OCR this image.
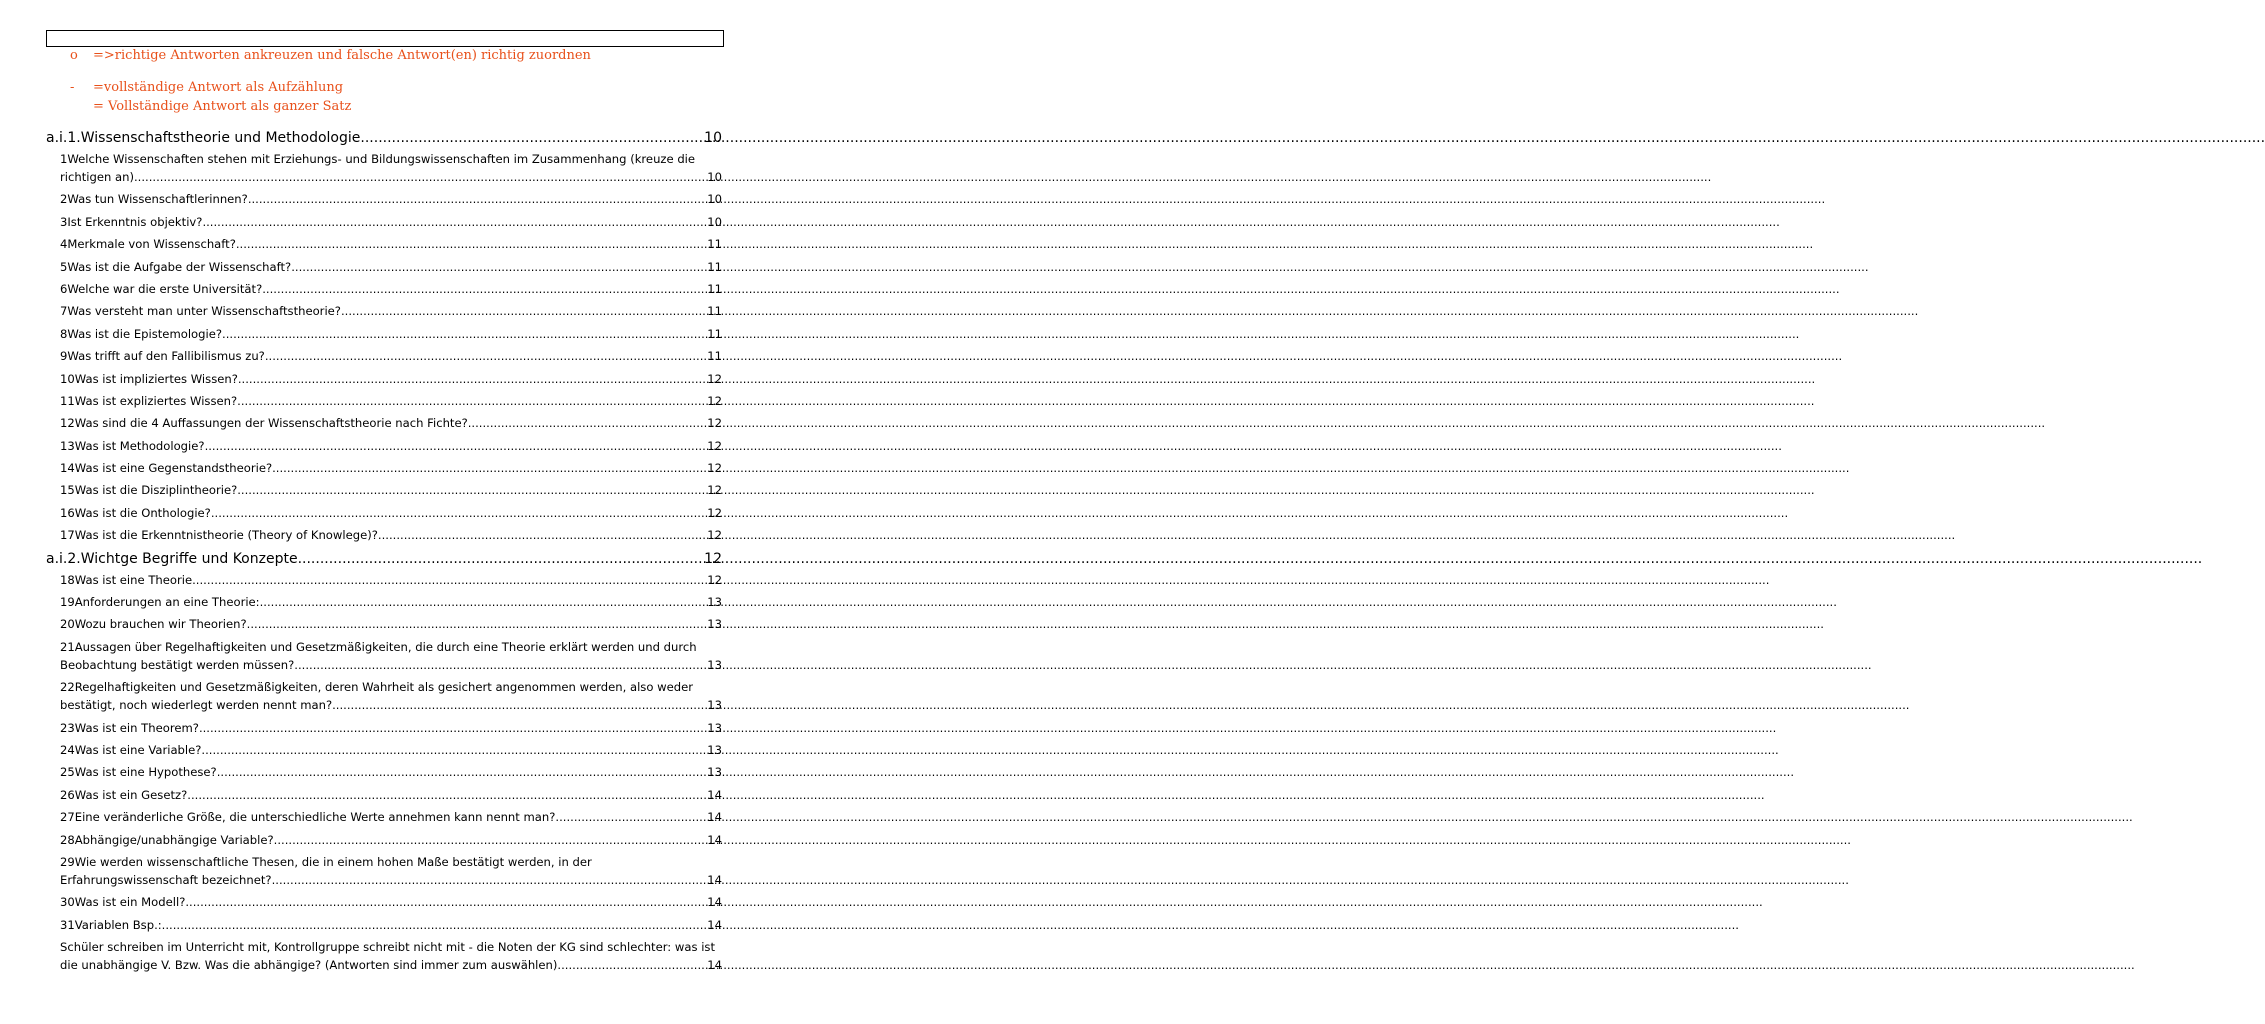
o =>richtige Antworten ankreuzen und falsche Antwort(en) richtig zuordnen
- =vollständige Antwort als Aufzählung
= Vollständige Antwort als ganzer Satz
a.i.1.Wissenschaftstheorie und Methodologie .....	10
1Welche Wissenschaften stehen mit Erziehungs- und Bildungswissenschaften im Zusammenhang (kreuze die
richtigen an) .....	10
2Was tun Wissenschaftlerinnen? .....	10
3Ist Erkenntnis objektiv? .....	10
4Merkmale von Wissenschaft? .....	11
5Was ist die Aufgabe der Wissenschaft? .....	11
6Welche war die erste Universität? .....	11
7Was versteht man unter Wissenschaftstheorie? .....	11
8Was ist die Epistemologie? .....	11
9Was trifft auf den Fallibilismus zu? .....	11
10Was ist impliziertes Wissen? .....	12
11Was ist expliziertes Wissen? .....	12
12Was sind die 4 Auffassungen der Wissenschaftstheorie nach Fichte? .....	12
13Was ist Methodologie? .....	12
14Was ist eine Gegenstandstheorie? .....	12
15Was ist die Disziplintheorie? .....	12
16Was ist die Onthologie? .....	12
17Was ist die Erkenntnistheorie (Theory of Knowlege)? .....	12
a.i.2.Wichtge Begriffe und Konzepte .....	12
18Was ist eine Theorie .....	12
19Anforderungen an eine Theorie: .....	13
20Wozu brauchen wir Theorien? .....	13
21Aussagen über Regelhaftigkeiten und Gesetzmäßigkeiten, die durch eine Theorie erklärt werden und durch
Beobachtung bestätigt werden müssen? .....	13
22Regelhaftigkeiten und Gesetzmäßigkeiten, deren Wahrheit als gesichert angenommen werden, also weder
bestätigt, noch wiederlegt werden nennt man? .....	13
23Was ist ein Theorem? .....	13
24Was ist eine Variable? .....	13
25Was ist eine Hypothese? .....	13
26Was ist ein Gesetz? .....	14
27Eine veränderliche Größe, die unterschiedliche Werte annehmen kann nennt man? .....	14
28Abhängige/unabhängige Variable? .....	14
29Wie werden wissenschaftliche Thesen, die in einem hohen Maße bestätigt werden, in der
Erfahrungswissenschaft bezeichnet? .....	14
30Was ist ein Modell? .....	14
31Variablen Bsp.: .....	14
Schüler schreiben im Unterricht mit, Kontrollgruppe schreibt nicht mit - die Noten der KG sind schlechter: was ist
die unabhängige V. Bzw. Was die abhängige? (Antworten sind immer zum auswählen) .....	14
